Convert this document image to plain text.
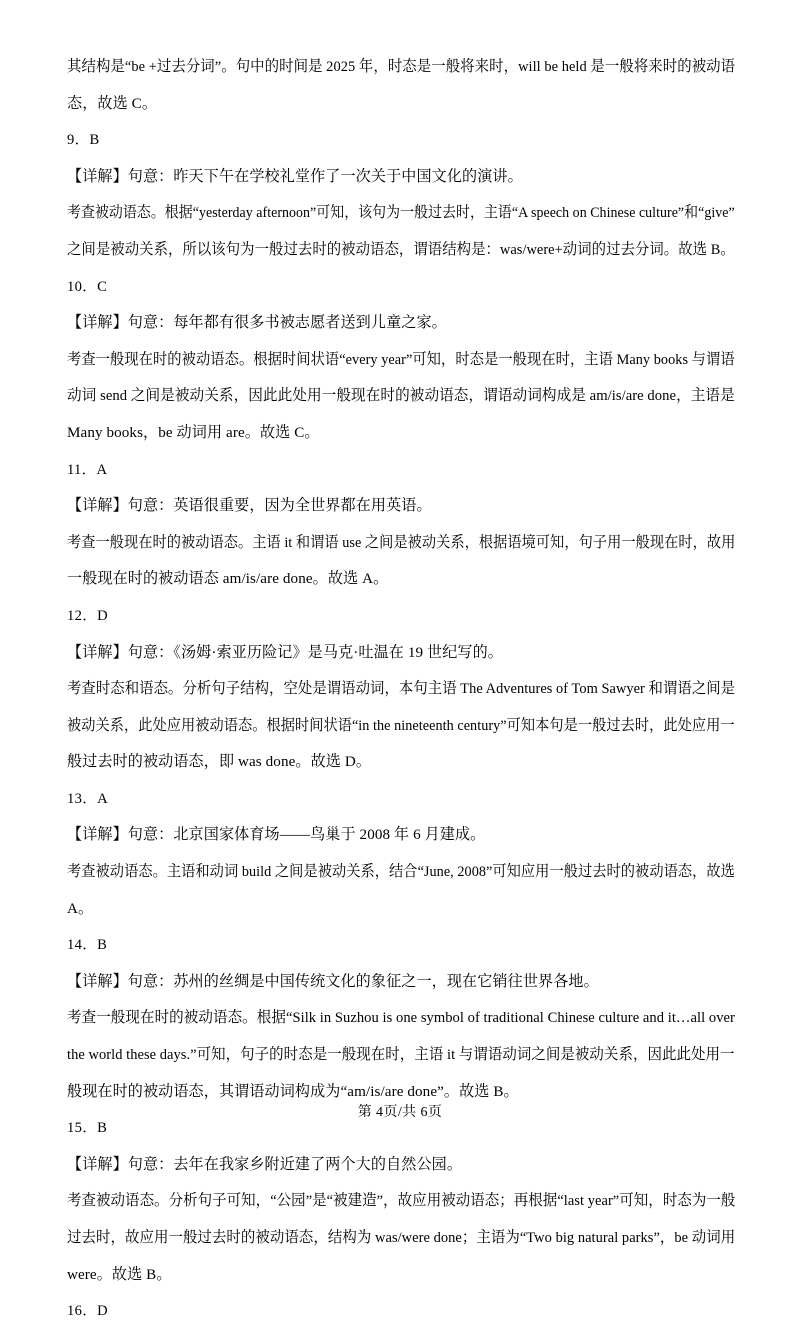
其结构是“be +过去分词”。句中的时间是 2025 年，时态是一般将来时，will be held 是一般将来时的被动语
态，故选 C。
9．B
【详解】句意：昨天下午在学校礼堂作了一次关于中国文化的演讲。
考查被动语态。根据“yesterday afternoon”可知，该句为一般过去时，主语“A speech on Chinese culture”和“give”
之间是被动关系，所以该句为一般过去时的被动语态，谓语结构是：was/were+动词的过去分词。故选 B。
10．C
【详解】句意：每年都有很多书被志愿者送到儿童之家。
考查一般现在时的被动语态。根据时间状语“every year”可知，时态是一般现在时，主语 Many books 与谓语
动词 send 之间是被动关系，因此此处用一般现在时的被动语态，谓语动词构成是 am/is/are done，主语是
Many books，be 动词用 are。故选 C。
11．A
【详解】句意：英语很重要，因为全世界都在用英语。
考查一般现在时的被动语态。主语 it 和谓语 use 之间是被动关系，根据语境可知，句子用一般现在时，故用
一般现在时的被动语态 am/is/are done。故选 A。
12．D
【详解】句意：《汤姆·索亚历险记》是马克·吐温在 19 世纪写的。
考查时态和语态。分析句子结构，空处是谓语动词，本句主语 The Adventures of Tom Sawyer 和谓语之间是
被动关系，此处应用被动语态。根据时间状语“in the nineteenth century”可知本句是一般过去时，此处应用一
般过去时的被动语态，即 was done。故选 D。
13．A
【详解】句意：北京国家体育场——鸟巢于 2008 年 6 月建成。
考查被动语态。主语和动词 build 之间是被动关系，结合“June, 2008”可知应用一般过去时的被动语态，故选
A。
14．B
【详解】句意：苏州的丝绸是中国传统文化的象征之一，现在它销往世界各地。
考查一般现在时的被动语态。根据“Silk in Suzhou is one symbol of traditional Chinese culture and it…all over
the world these days.”可知，句子的时态是一般现在时，主语 it 与谓语动词之间是被动关系，因此此处用一
般现在时的被动语态，其谓语动词构成为“am/is/are done”。故选 B。
15．B
【详解】句意：去年在我家乡附近建了两个大的自然公园。
考查被动语态。分析句子可知，“公园”是“被建造”，故应用被动语态；再根据“last year”可知，时态为一般
过去时，故应用一般过去时的被动语态，结构为 was/were done；主语为“Two big natural parks”，be 动词用
were。故选 B。
16．D
第 4页/共 6页
